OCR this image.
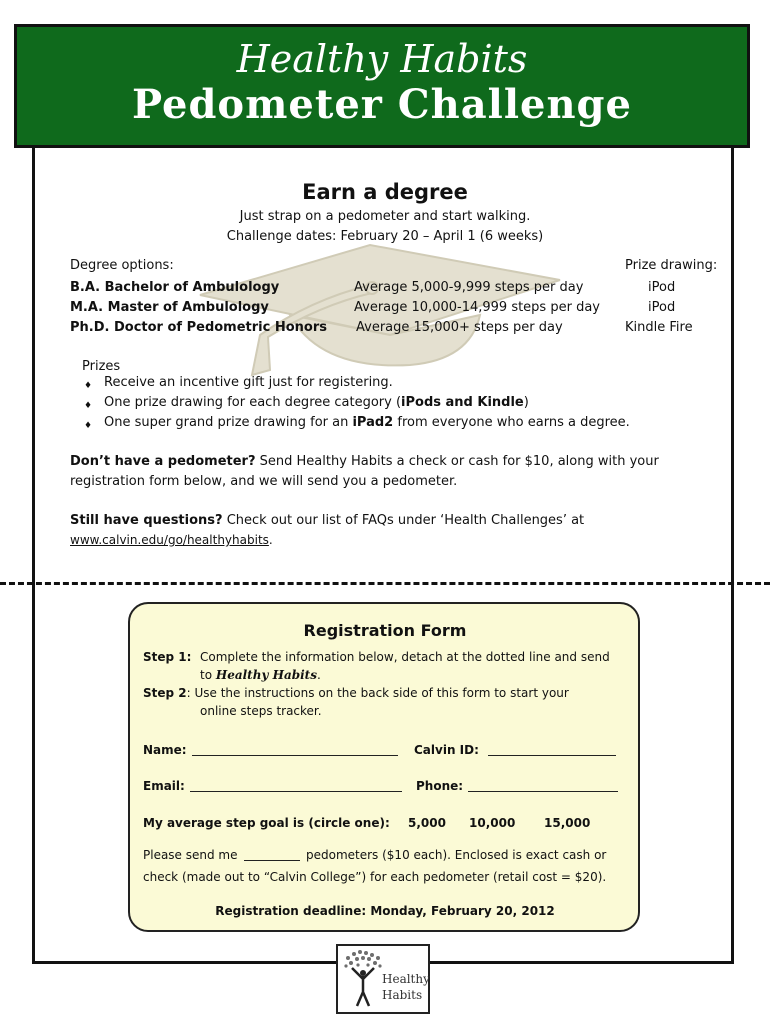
Healthy Habits
Pedometer Challenge
Earn a degree
Just strap on a pedometer and start walking.
Challenge dates: February 20 – April 1 (6 weeks)
Degree options:	Prize drawing:
B.A. Bachelor of Ambulology	Average 5,000-9,999 steps per day	iPod
M.A. Master of Ambulology	Average 10,000-14,999 steps per day	iPod
Ph.D. Doctor of Pedometric Honors Average 15,000+ steps per day	Kindle Fire
Prizes
♦ Receive an incentive gift just for registering.
♦ One prize drawing for each degree category (iPods and Kindle)
♦ One super grand prize drawing for an iPad2 from everyone who earns a degree.
Don’t have a pedometer? Send Healthy Habits a check or cash for $10, along with your
registration form below, and we will send you a pedometer.
Still have questions? Check out our list of FAQs under ‘Health Challenges’ at
www.calvin.edu/go/healthyhabits.
Registration Form
Step 1: Complete the information below, detach at the dotted line and send
to Healthy Habits.
Step 2: Use the instructions on the back side of this form to start your
online steps tracker.
Name:	Calvin ID:
Email:	Phone:
My average step goal is (circle one): 5,000 10,000 15,000
Please send me	pedometers ($10 each). Enclosed is exact cash or
check (made out to “Calvin College”) for each pedometer (retail cost = $20).
Registration deadline: Monday, February 20, 2012
Healthy
Habits
